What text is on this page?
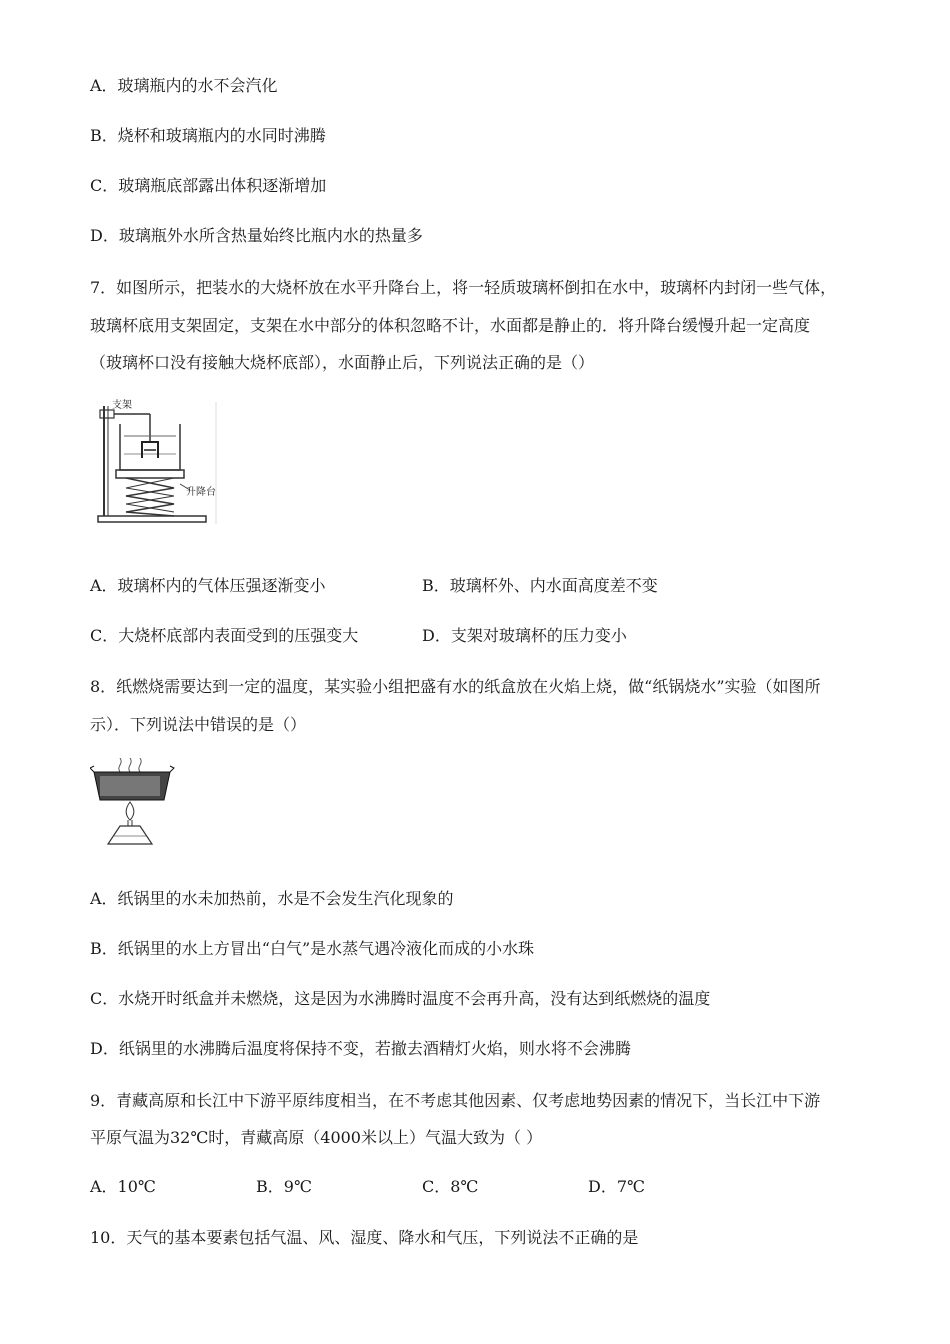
A．玻璃瓶内的水不会汽化
B．烧杯和玻璃瓶内的水同时沸腾
C．玻璃瓶底部露出体积逐渐增加
D．玻璃瓶外水所含热量始终比瓶内水的热量多
7．如图所示，把装水的大烧杯放在水平升降台上，将一轻质玻璃杯倒扣在水中，玻璃杯内封闭一些气体，
玻璃杯底用支架固定，支架在水中部分的体积忽略不计，水面都是静止的．将升降台缓慢升起一定高度
（玻璃杯口没有接触大烧杯底部），水面静止后，下列说法正确的是（）
支架
升降台
A．玻璃杯内的气体压强逐渐变小	B．玻璃杯外、内水面高度差不变
C．大烧杯底部内表面受到的压强变大	D．支架对玻璃杯的压力变小
8．纸燃烧需要达到一定的温度，某实验小组把盛有水的纸盒放在火焰上烧，做“纸锅烧水”实验（如图所
示）．下列说法中错误的是（）
A．纸锅里的水未加热前，水是不会发生汽化现象的
B．纸锅里的水上方冒出“白气”是水蒸气遇冷液化而成的小水珠
C．水烧开时纸盒并未燃烧，这是因为水沸腾时温度不会再升高，没有达到纸燃烧的温度
D．纸锅里的水沸腾后温度将保持不变，若撤去酒精灯火焰，则水将不会沸腾
9．青藏高原和长江中下游平原纬度相当，在不考虑其他因素、仅考虑地势因素的情况下，当长江中下游
平原气温为32℃时，青藏高原（4000米以上）气温大致为（ ）
A．10℃	B．9℃	C．8℃	D．7℃
10．天气的基本要素包括气温、风、湿度、降水和气压，下列说法不正确的是
